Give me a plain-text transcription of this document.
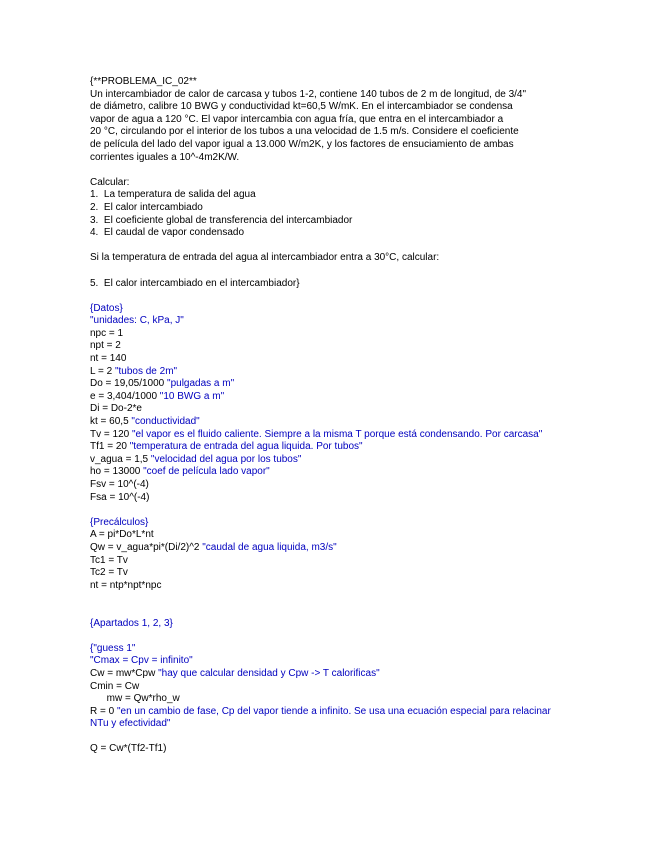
{**PROBLEMA_IC_02**
Un intercambiador de calor de carcasa y tubos 1-2, contiene 140 tubos de 2 m de longitud, de 3/4"
de diámetro, calibre 10 BWG y conductividad kt=60,5 W/mK. En el intercambiador se condensa
vapor de agua a 120 °C. El vapor intercambia con agua fría, que entra en el intercambiador a
20 °C, circulando por el interior de los tubos a una velocidad de 1.5 m/s. Considere el coeficiente
de película del lado del vapor igual a 13.000 W/m2K, y los factores de ensuciamiento de ambas
corrientes iguales a 10^-4m2K/W.
Calcular:
1.  La temperatura de salida del agua
2.  El calor intercambiado
3.  El coeficiente global de transferencia del intercambiador
4.  El caudal de vapor condensado
Si la temperatura de entrada del agua al intercambiador entra a 30°C, calcular:
5.  El calor intercambiado en el intercambiador}
{Datos}
"unidades: C, kPa, J"
npc = 1
npt = 2
nt = 140
L = 2 "tubos de 2m"
Do = 19,05/1000 "pulgadas a m"
e = 3,404/1000 "10 BWG a m"
Di = Do-2*e
kt = 60,5 "conductividad"
Tv = 120 "el vapor es el fluido caliente. Siempre a la misma T porque está condensando. Por carcasa"
Tf1 = 20 "temperatura de entrada del agua liquida. Por tubos"
v_agua = 1,5 "velocidad del agua por los tubos"
ho = 13000 "coef de película lado vapor"
Fsv = 10^(-4)
Fsa = 10^(-4)
{Precálculos}
A = pi*Do*L*nt
Qw = v_agua*pi*(Di/2)^2 "caudal de agua liquida, m3/s"
Tc1 = Tv
Tc2 = Tv
nt = ntp*npt*npc
{Apartados 1, 2, 3}
{"guess 1"
"Cmax = Cpv = infinito"
Cw = mw*Cpw "hay que calcular densidad y Cpw -> T calorificas"
Cmin = Cw
mw = Qw*rho_w
R = 0 "en un cambio de fase, Cp del vapor tiende a infinito. Se usa una ecuación especial para relacinar NTu y efectividad"
Q = Cw*(Tf2-Tf1)
